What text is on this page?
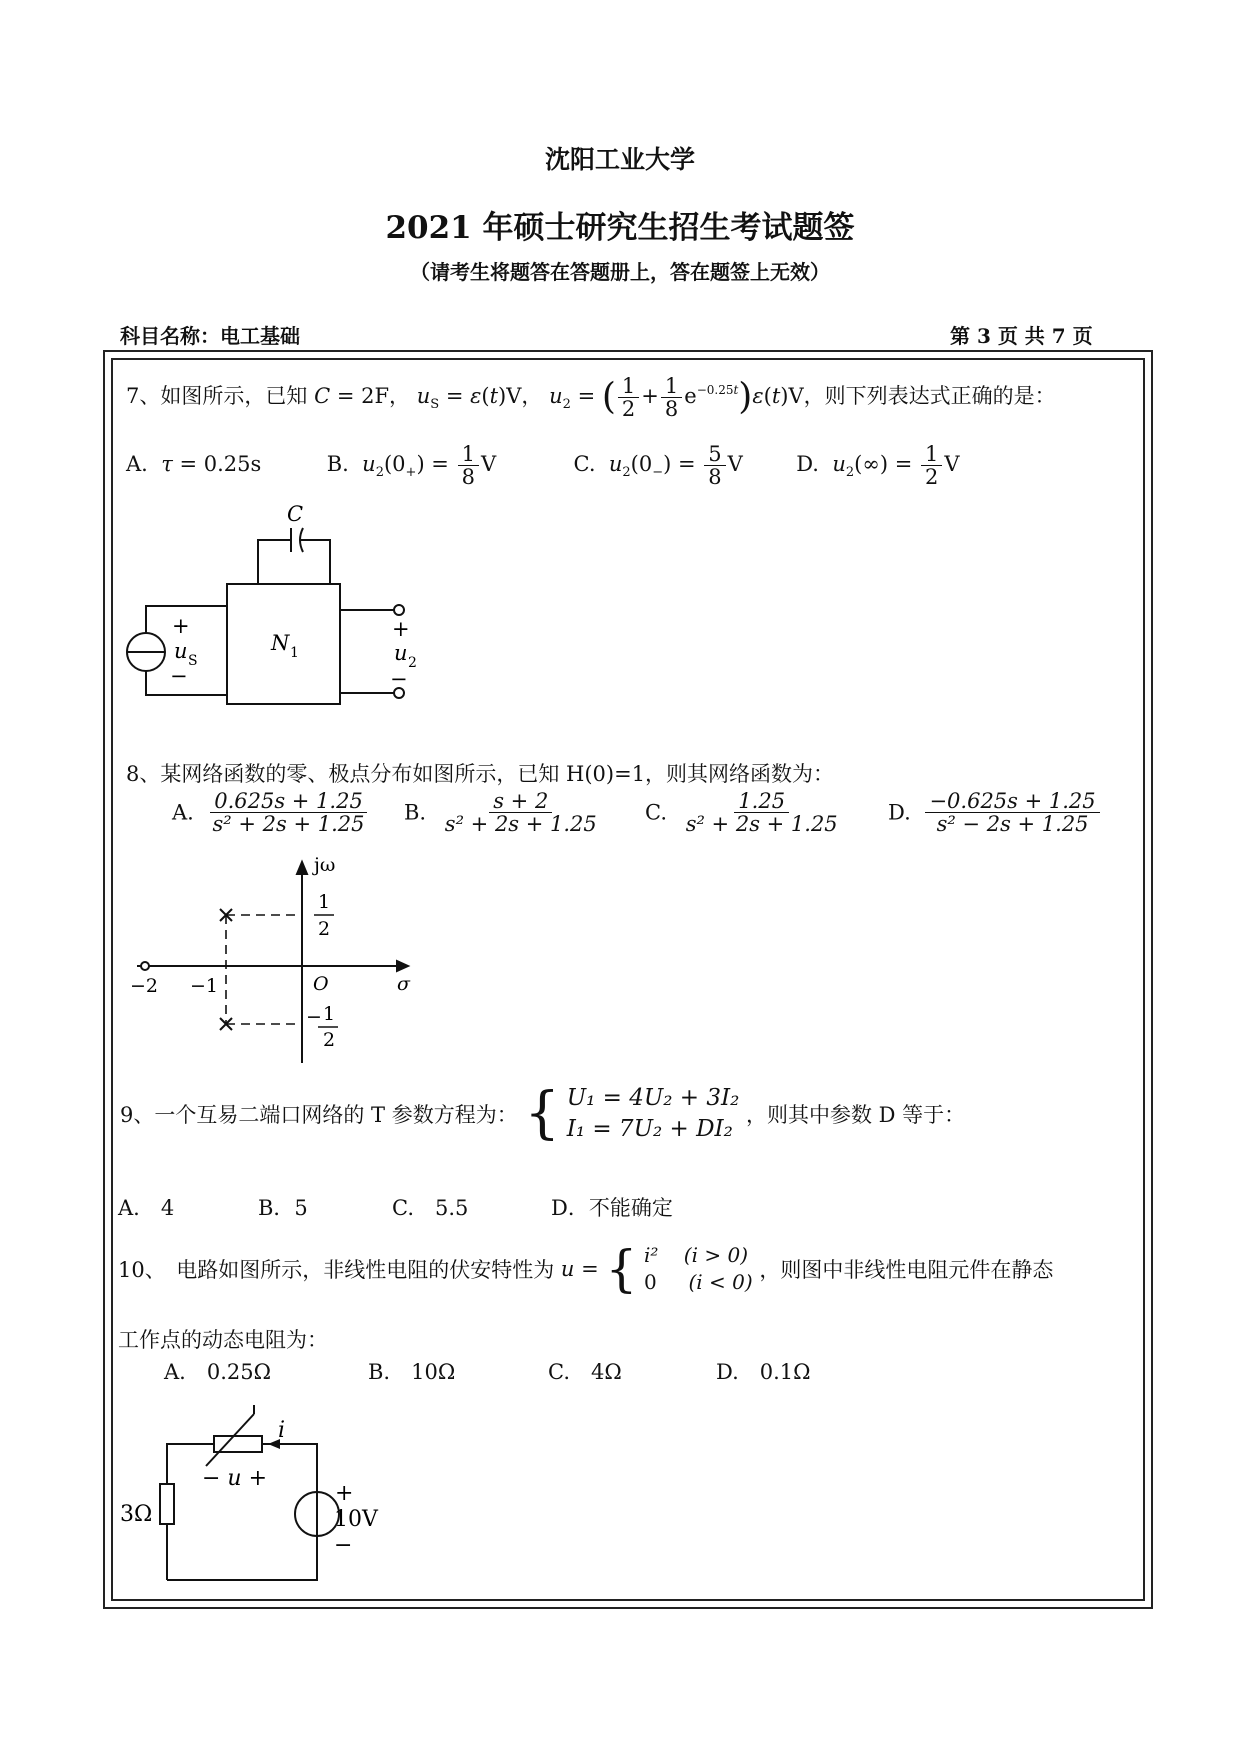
沈阳工业大学
2021 年硕士研究生招生考试题签
（请考生将题答在答题册上，答在题签上无效）
科目名称：电工基础	第 3 页 共 7 页
7、如图所示，已知 C = 2F， $u_S = \varepsilon(t)V$， $u_2$ = ( $\frac{1}{2} + \frac{1}{8} e^{-0.25t})\varepsilon(t)V$，则下列表达式正确的是：
A. τ = 0.25s	B. $u_2(0_+) = \frac{1}{8}$ V	C. $u_2(0_-) = \frac{5}{8}$ V	D. $u_2(\infty) = \frac{1}{2}$ V
C
+
u S
−
N 1
+
u 2
−
8、某网络函数的零、极点分布如图所示，已知 H(0)=1，则其网络函数为：
A. $\frac{0.625s + 1.25}{\text{s² + 2s + 1.25}} B$. $\frac{s + 2}{\text{s² + 2s + 1.25}} C$. $\frac{1.25}{\text{s² + 2s + 1.25}} D$. $\frac{-0.625s + 1.25}{\text{s² − 2s + 1.25}}$
jω
σ
O
−2 −1
1
2
− 1
2
9、一个互易二端口网络的 T 参数方程为： { U₁ = 4U₂ + 3I₂
I₁ = 7U₂ + DI₂
，则其中参数 D 等于：
A.　4	B．5	C.　5.5	D．不能确定
10、　电路如图所示，非线性电阻的伏安特性为 u = { i² (i > 0)
0 (i < 0) ，则图中非线性电阻元件在静态
工作点的动态电阻为：
A.　0.25Ω	B.　10Ω	C.　4Ω	D.　0.1Ω
i
− u +
3Ω
+
10V
−
